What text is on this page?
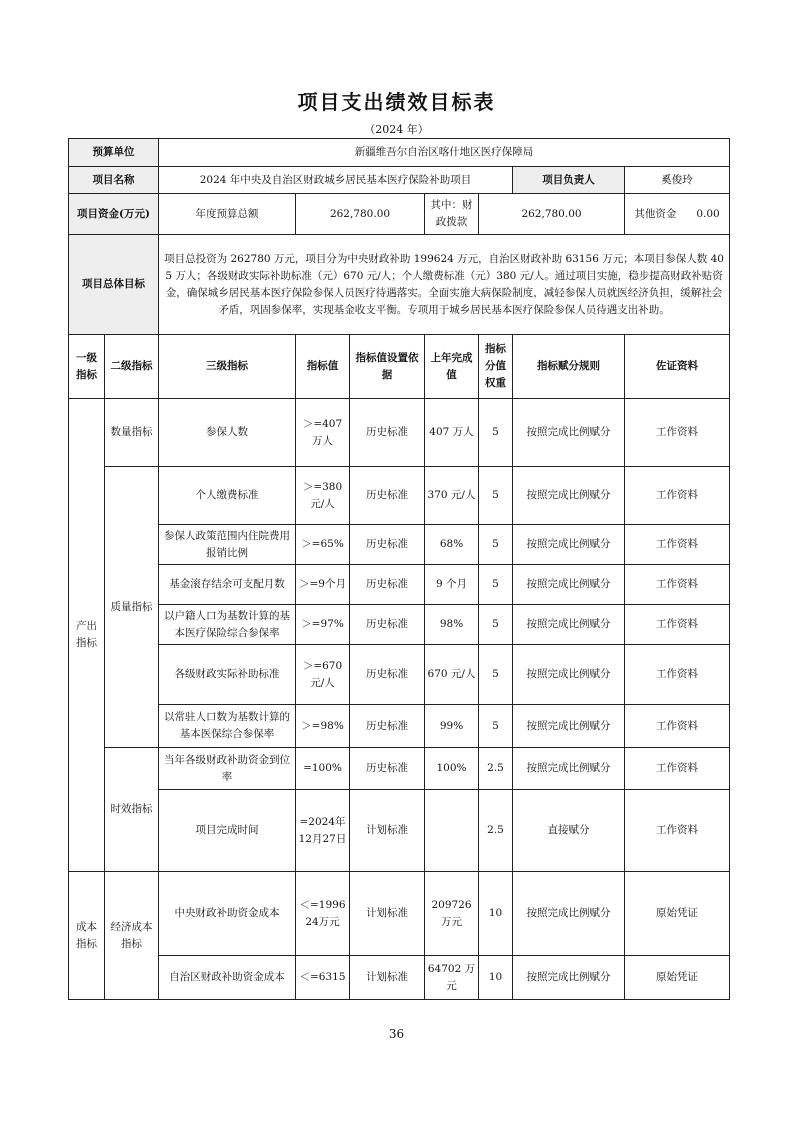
项目支出绩效目标表
（2024 年）
预算单位		新疆维吾尔自治区喀什地区医疗保障局						
项目名称		2024 年中央及自治区财政城乡居民基本医疗保险补助项目					项目负责人	奚俊玲
项目资金(万元)		年度预算总额	262,780.00		其中：财政拨款	262,780.00		其他资金 0.00
项目总体目标		项目总投资为 262780 万元，项目分为中央财政补助 199624 万元，自治区财政补助 63156 万元；本项目参保人数 405 万人；各级财政实际补助标准（元）670 元/人；个人缴费标准（元）380 元/人。通过项目实施，稳步提高财政补贴资金，确保城乡居民基本医疗保险参保人员医疗待遇落实。全面实施大病保险制度，减轻参保人员就医经济负担，缓解社会矛盾，巩固参保率，实现基金收支平衡。专项用于城乡居民基本医疗保险参保人员待遇支出补助。						
一级指标	二级指标	三级指标	指标值	指标值设置依据	上年完成值	指标分值权重	指标赋分规则	佐证资料
产出指标	数量指标	参保人数	＞=407万人	历史标准	407 万人	5	按照完成比例赋分	工作资料
	质量指标	个人缴费标准	＞=380元/人	历史标准	370 元/人	5	按照完成比例赋分	工作资料
		参保人政策范围内住院费用报销比例	＞=65%	历史标准	68%	5	按照完成比例赋分	工作资料
		基金滚存结余可支配月数	＞=9个月	历史标准	9 个月	5	按照完成比例赋分	工作资料
		以户籍人口为基数计算的基本医疗保险综合参保率	＞=97%	历史标准	98%	5	按照完成比例赋分	工作资料
		各级财政实际补助标准	＞=670元/人	历史标准	670 元/人	5	按照完成比例赋分	工作资料
		以常驻人口数为基数计算的基本医保综合参保率	＞=98%	历史标准	99%	5	按照完成比例赋分	工作资料
	时效指标	当年各级财政补助资金到位率	=100%	历史标准	100%	2.5	按照完成比例赋分	工作资料
		项目完成时间	=2024年12月27日	计划标准		2.5	直接赋分	工作资料
成本指标	经济成本指标	中央财政补助资金成本	＜=199624万元	计划标准	209726 万元	10	按照完成比例赋分	原始凭证
		自治区财政补助资金成本	＜=6315	计划标准	64702 万元	10	按照完成比例赋分	原始凭证
36
